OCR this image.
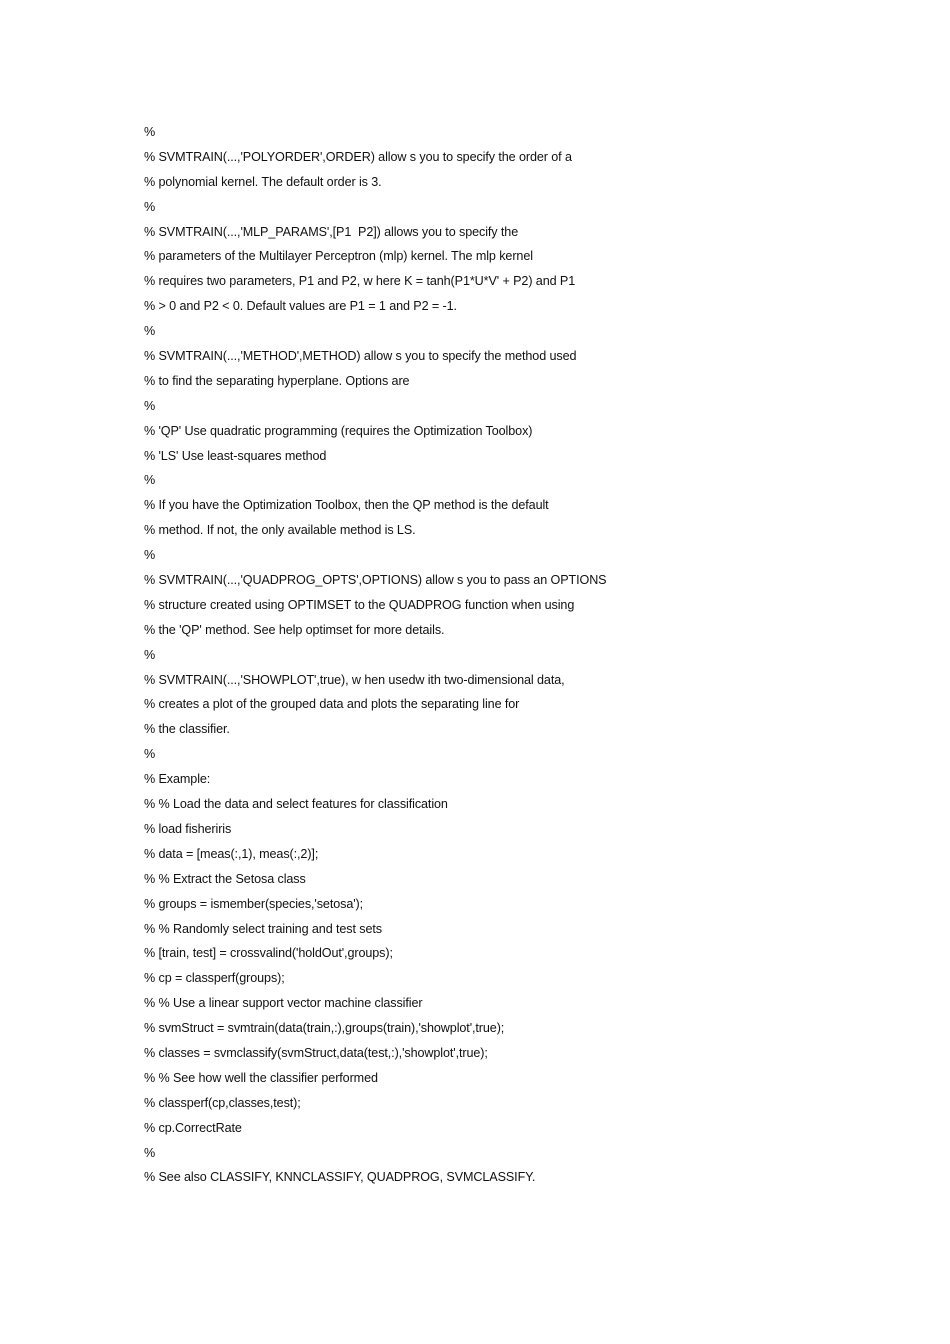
%
% SVMTRAIN(...,'POLYORDER',ORDER) allow s you to specify the order of a
% polynomial kernel. The default order is 3.
%
% SVMTRAIN(...,'MLP_PARAMS',[P1  P2]) allows you to specify the
% parameters of the Multilayer Perceptron (mlp) kernel. The mlp kernel
% requires two parameters, P1 and P2, w here K = tanh(P1*U*V' + P2) and P1
% > 0 and P2 < 0. Default values are P1 = 1 and P2 = -1.
%
% SVMTRAIN(...,'METHOD',METHOD) allow s you to specify the method used
% to find the separating hyperplane. Options are
%
% 'QP' Use quadratic programming (requires the Optimization Toolbox)
% 'LS' Use least-squares method
%
% If you have the Optimization Toolbox, then the QP method is the default
% method. If not, the only available method is LS.
%
% SVMTRAIN(...,'QUADPROG_OPTS',OPTIONS) allow s you to pass an OPTIONS
% structure created using OPTIMSET to the QUADPROG function when using
% the 'QP' method. See help optimset for more details.
%
% SVMTRAIN(...,'SHOWPLOT',true), w hen usedw ith two-dimensional data,
% creates a plot of the grouped data and plots the separating line for
% the classifier.
%
% Example:
% % Load the data and select features for classification
% load fisheriris
% data = [meas(:,1), meas(:,2)];
% % Extract the Setosa class
% groups = ismember(species,'setosa');
% % Randomly select training and test sets
% [train, test] = crossvalind('holdOut',groups);
% cp = classperf(groups);
% % Use a linear support vector machine classifier
% svmStruct = svmtrain(data(train,:),groups(train),'showplot',true);
% classes = svmclassify(svmStruct,data(test,:),'showplot',true);
% % See how well the classifier performed
% classperf(cp,classes,test);
% cp.CorrectRate
%
% See also CLASSIFY, KNNCLASSIFY, QUADPROG, SVMCLASSIFY.
